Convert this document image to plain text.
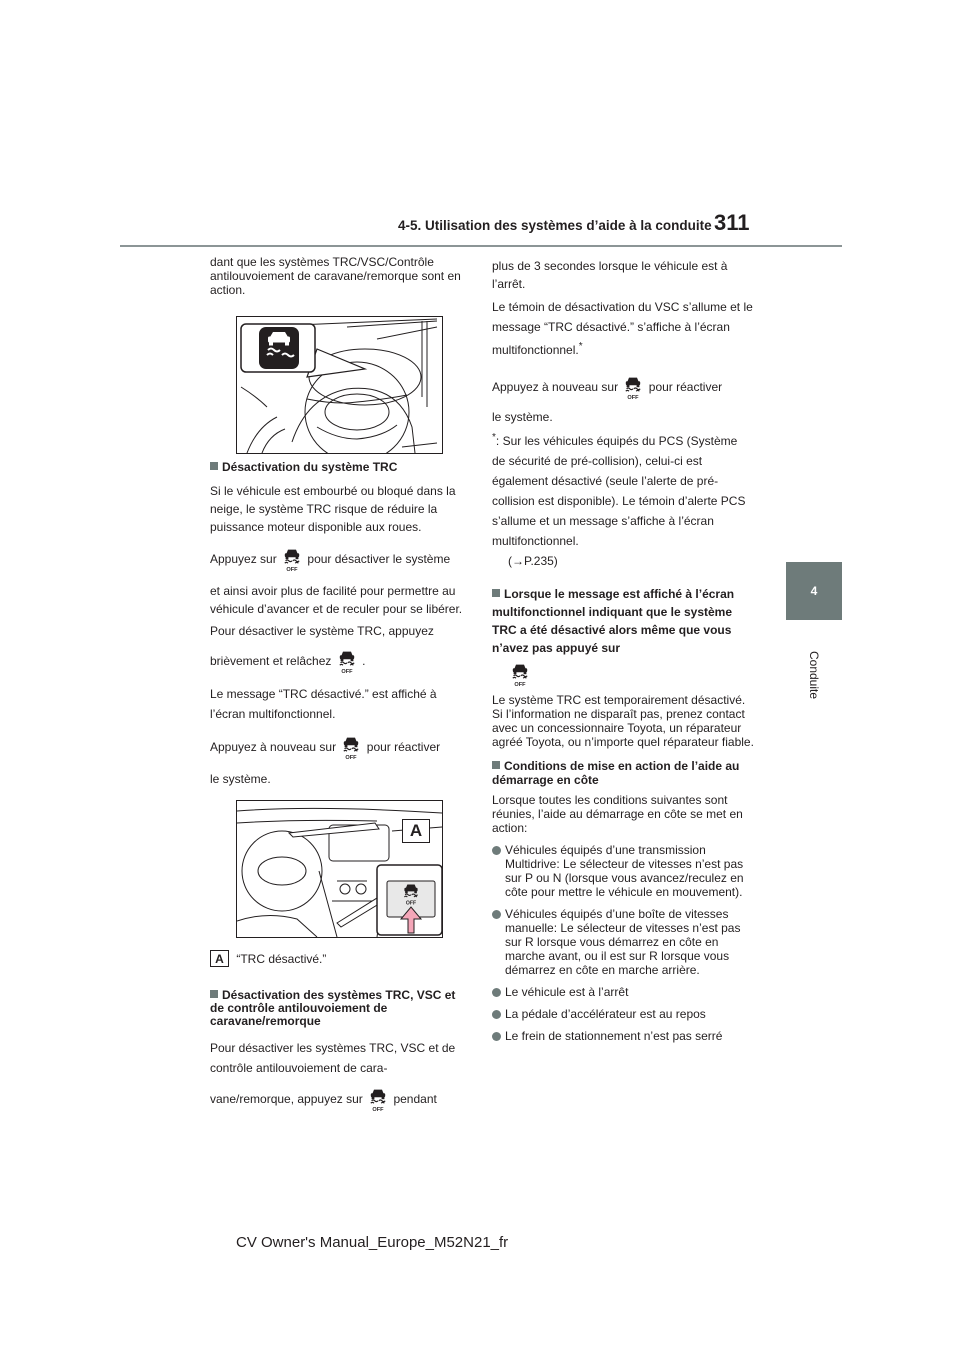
4-5. Utilisation des systèmes d’aide à la conduite 311
4
Conduite

dant que les systèmes TRC/VSC/Contrôle antilouvoiement de caravane/remorque sont en action.

Désactivation du système TRC

Si le véhicule est embourbé ou bloqué dans la neige, le système TRC risque de réduire la puissance moteur disponible aux roues.

Appuyez sur	pour désactiver le système

et ainsi avoir plus de facilité pour permettre au véhicule d’avancer et de reculer pour se libérer.

Pour désactiver le système TRC, appuyez

brièvement et relâchez	.

Le message “TRC désactivé.” est affiché à l’écran multifonctionnel.

Appuyez à nouveau sur	pour réactiver

le système.

A

A “TRC désactivé.”

Désactivation des systèmes TRC, VSC et de contrôle antilouvoiement de caravane/remorque

Pour désactiver les systèmes TRC, VSC et de contrôle antilouvoiement de cara-

vane/remorque, appuyez sur	pendant

plus de 3 secondes lorsque le véhicule est à l’arrêt.

Le témoin de désactivation du VSC s’allume et le message “TRC désactivé.” s’affiche à l’écran multifonctionnel.*

Appuyez à nouveau sur	pour réactiver

le système.

*: Sur les véhicules équipés du PCS (Système de sécurité de pré-collision), celui-ci est également désactivé (seule l’alerte de pré-collision est disponible). Le témoin d’alerte PCS s’allume et un message s’affiche à l’écran multifonctionnel.

(→P.235)

Lorsque le message est affiché à l’écran multifonctionnel indiquant que le système TRC a été désactivé alors même que vous n’avez pas appuyé sur

Le système TRC est temporairement désactivé. Si l’information ne disparaît pas, prenez contact avec un concessionnaire Toyota, un réparateur agréé Toyota, ou n’importe quel réparateur fiable.

Conditions de mise en action de l’aide au démarrage en côte

Lorsque toutes les conditions suivantes sont réunies, l’aide au démarrage en côte se met en action:

Véhicules équipés d’une transmission Multidrive: Le sélecteur de vitesses n’est pas sur P ou N (lorsque vous avancez/reculez en côte pour mettre le véhicule en mouvement).
Véhicules équipés d’une boîte de vitesses manuelle: Le sélecteur de vitesses n’est pas sur R lorsque vous démarrez en côte en marche avant, ou il est sur R lorsque vous démarrez en côte en marche arrière.
Le véhicule est à l’arrêt
La pédale d’accélérateur est au repos
Le frein de stationnement n’est pas serré
CV Owner's Manual_Europe_M52N21_fr
